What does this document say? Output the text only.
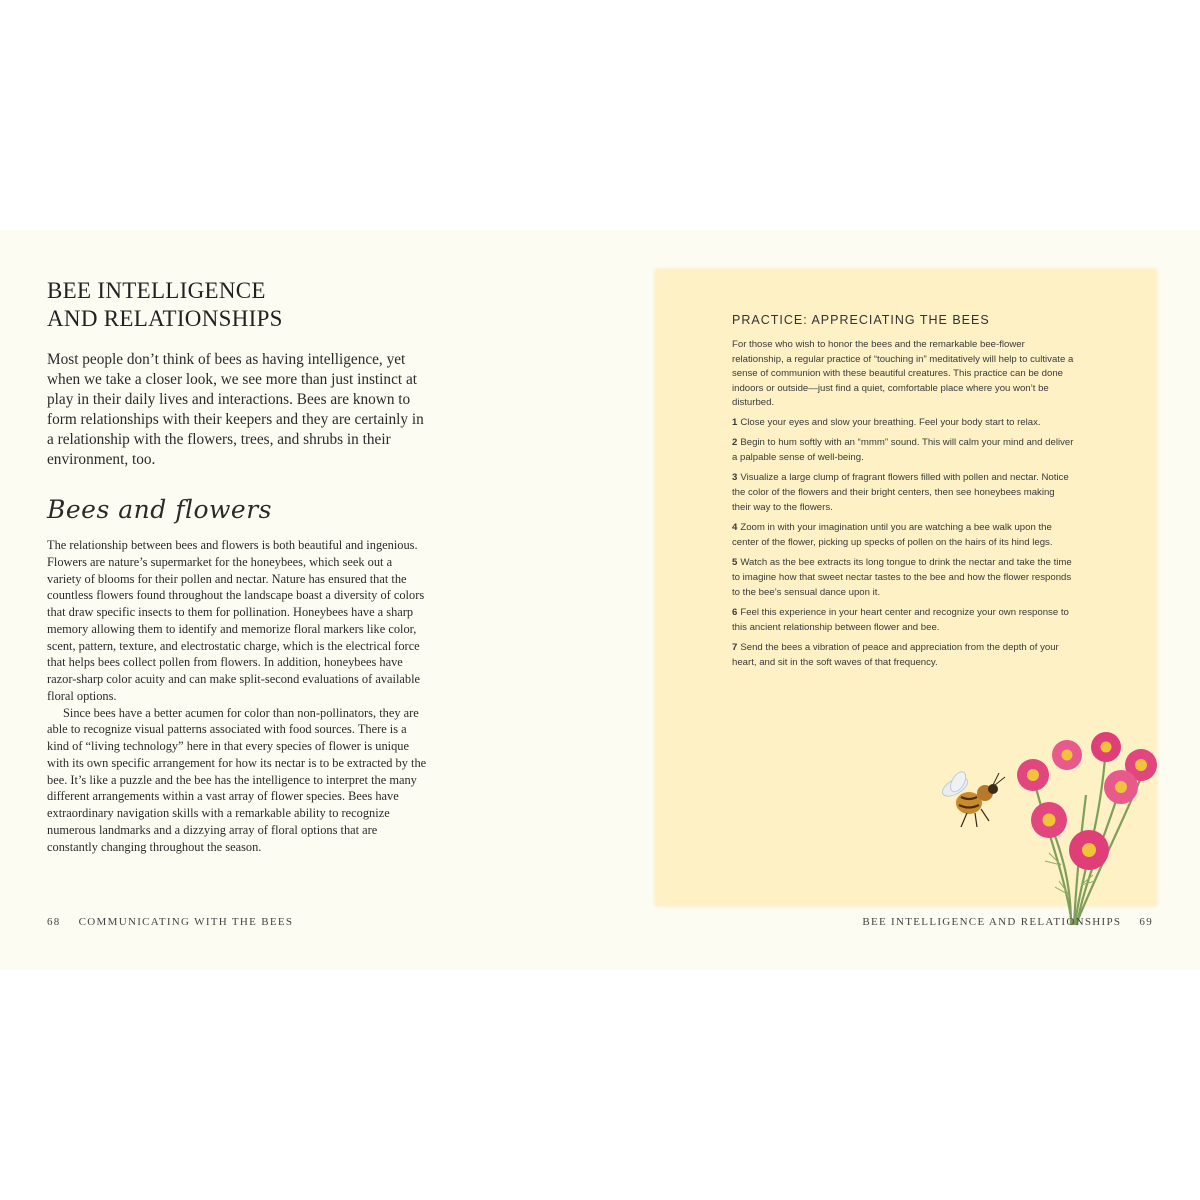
BEE INTELLIGENCE
AND RELATIONSHIPS

Most people don’t think of bees as having intelligence, yet when we take a closer look, we see more than just instinct at play in their daily lives and interactions. Bees are known to form relationships with their keepers and they are certainly in a relationship with the flowers, trees, and shrubs in their environment, too.

Bees and flowers

The relationship between bees and flowers is both beautiful and ingenious. Flowers are nature’s supermarket for the honeybees, which seek out a variety of blooms for their pollen and nectar. Nature has ensured that the countless flowers found throughout the landscape boast a diversity of colors that draw specific insects to them for pollination. Honeybees have a sharp memory allowing them to identify and memorize floral markers like color, scent, pattern, texture, and electrostatic charge, which is the electrical force that helps bees collect pollen from flowers. In addition, honeybees have razor-sharp color acuity and can make split-second evaluations of available floral options.

Since bees have a better acumen for color than non-pollinators, they are able to recognize visual patterns associated with food sources. There is a kind of “living technology” here in that every species of flower is unique with its own specific arrangement for how its nectar is to be extracted by the bee. It’s like a puzzle and the bee has the intelligence to interpret the many different arrangements within a vast array of flower species. Bees have extraordinary navigation skills with a remarkable ability to recognize numerous landmarks and a dizzying array of floral options that are constantly changing throughout the season.

68 COMMUNICATING WITH THE BEES
PRACTICE: APPRECIATING THE BEES

For those who wish to honor the bees and the remarkable bee-flower relationship, a regular practice of “touching in” meditatively will help to cultivate a sense of communion with these beautiful creatures. This practice can be done indoors or outside—just find a quiet, comfortable place where you won’t be disturbed.

1 Close your eyes and slow your breathing. Feel your body start to relax.
2 Begin to hum softly with an “mmm” sound. This will calm your mind and deliver a palpable sense of well-being.
3 Visualize a large clump of fragrant flowers filled with pollen and nectar. Notice the color of the flowers and their bright centers, then see honeybees making their way to the flowers.
4 Zoom in with your imagination until you are watching a bee walk upon the center of the flower, picking up specks of pollen on the hairs of its hind legs.
5 Watch as the bee extracts its long tongue to drink the nectar and take the time to imagine how that sweet nectar tastes to the bee and how the flower responds to the bee’s sensual dance upon it.
6 Feel this experience in your heart center and recognize your own response to this ancient relationship between flower and bee.
7 Send the bees a vibration of peace and appreciation from the depth of your heart, and sit in the soft waves of that frequency.
BEE INTELLIGENCE AND RELATIONSHIPS 69
